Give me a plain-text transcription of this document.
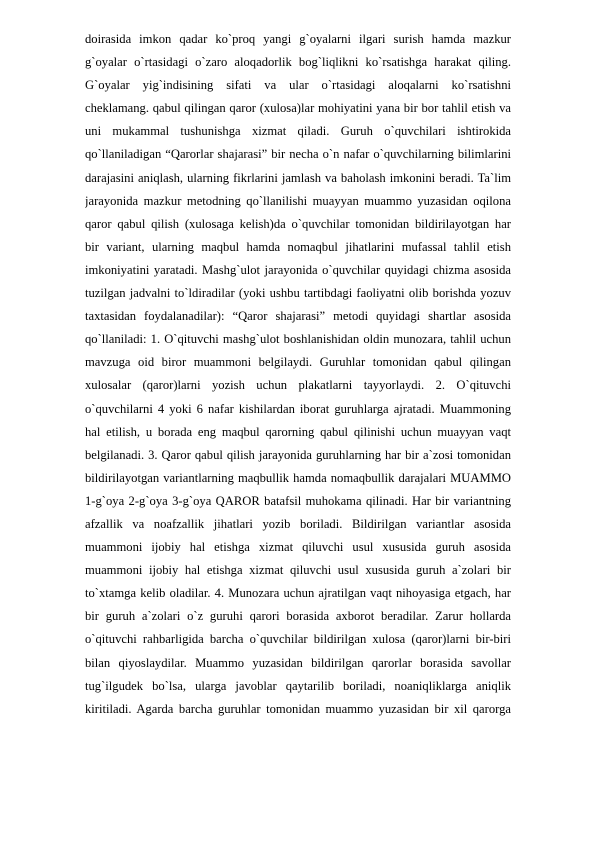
doirasida imkon qadar ko`proq yangi g`oyalarni ilgari surish hamda mazkur
g`oyalar o`rtasidagi o`zaro aloqadorlik bog`liqlikni ko`rsatishga harakat qiling.
G`oyalar yig`indisining sifati va ular o`rtasidagi aloqalarni ko`rsatishni
cheklamang. qabul qilingan qaror (xulosa)lar mohiyatini yana bir bor tahlil etish va
uni mukammal tushunishga xizmat qiladi. Guruh o`quvchilari ishtirokida
qo`llaniladigan “Qarorlar shajarasi” bir necha o`n nafar o`quvchilarning bilimlarini
darajasini aniqlash, ularning fikrlarini jamlash va baholash imkonini beradi. Ta`lim
jarayonida mazkur metodning qo`llanilishi muayyan muammo yuzasidan oqilona
qaror qabul qilish (xulosaga kelish)da o`quvchilar tomonidan bildirilayotgan har
bir variant, ularning maqbul hamda nomaqbul jihatlarini mufassal tahlil etish
imkoniyatini yaratadi. Mashg`ulot jarayonida o`quvchilar quyidagi chizma asosida
tuzilgan jadvalni to`ldiradilar (yoki ushbu tartibdagi faoliyatni olib borishda yozuv
taxtasidan foydalanadilar): “Qaror shajarasi” metodi quyidagi shartlar asosida
qo`llaniladi: 1. O`qituvchi mashg`ulot boshlanishidan oldin munozara, tahlil uchun
mavzuga oid biror muammoni belgilaydi. Guruhlar tomonidan qabul qilingan
xulosalar (qaror)larni yozish uchun plakatlarni tayyorlaydi. 2. O`qituvchi
o`quvchilarni 4 yoki 6 nafar kishilardan iborat guruhlarga ajratadi. Muammoning
hal etilish, u borada eng maqbul qarorning qabul qilinishi uchun muayyan vaqt
belgilanadi. 3. Qaror qabul qilish jarayonida guruhlarning har bir a`zosi tomonidan
bildirilayotgan variantlarning maqbullik hamda nomaqbullik darajalari MUAMMO
1-g`oya 2-g`oya 3-g`oya QAROR batafsil muhokama qilinadi. Har bir variantning
afzallik va noafzallik jihatlari yozib boriladi. Bildirilgan variantlar asosida
muammoni ijobiy hal etishga xizmat qiluvchi usul xususida guruh asosida
muammoni ijobiy hal etishga xizmat qiluvchi usul xususida guruh a`zolari bir
to`xtamga kelib oladilar. 4. Munozara uchun ajratilgan vaqt nihoyasiga etgach, har
bir guruh a`zolari o`z guruhi qarori borasida axborot beradilar. Zarur hollarda
o`qituvchi rahbarligida barcha o`quvchilar bildirilgan xulosa (qaror)larni bir-biri
bilan qiyoslaydilar. Muammo yuzasidan bildirilgan qarorlar borasida savollar
tug`ilgudek bo`lsa, ularga javoblar qaytarilib boriladi, noaniqliklarga aniqlik
kiritiladi. Agarda barcha guruhlar tomonidan muammo yuzasidan bir xil qarorga
